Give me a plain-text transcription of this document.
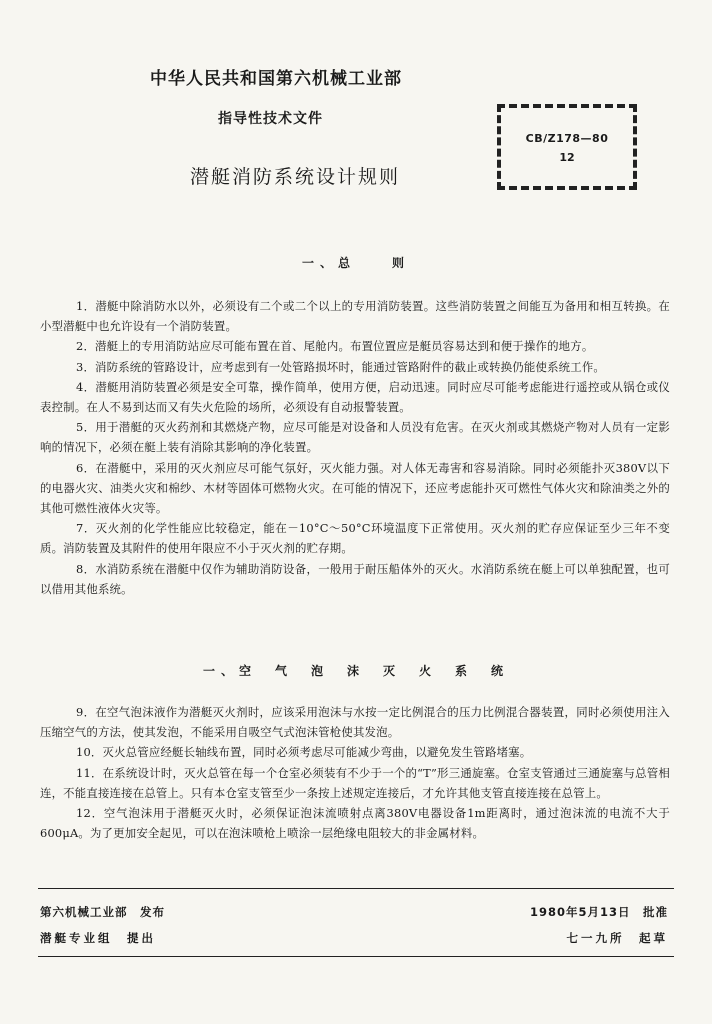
中华人民共和国第六机械工业部
指导性技术文件
潜艇消防系统设计规则
CB/Z178—80
12
一、总　　则

1．潜艇中除消防水以外，必须设有二个或二个以上的专用消防装置。这些消防装置之间能互为备用和相互转换。在小型潜艇中也允许设有一个消防装置。

2．潜艇上的专用消防站应尽可能布置在首、尾舱内。布置位置应是艇员容易达到和便于操作的地方。

3．消防系统的管路设计，应考虑到有一处管路损坏时，能通过管路附件的截止或转换仍能使系统工作。

4．潜艇用消防装置必须是安全可靠，操作简单，使用方便，启动迅速。同时应尽可能考虑能进行遥控或从锅仓或仪表控制。在人不易到达而又有失火危险的场所，必须设有自动报警装置。

5．用于潜艇的灭火药剂和其燃烧产物，应尽可能是对设备和人员没有危害。在灭火剂或其燃烧产物对人员有一定影响的情况下，必须在艇上装有消除其影响的净化装置。

6．在潜艇中，采用的灭火剂应尽可能气氛好，灭火能力强。对人体无毒害和容易消除。同时必须能扑灭380V以下的电器火灾、油类火灾和棉纱、木材等固体可燃物火灾。在可能的情况下，还应考虑能扑灭可燃性气体火灾和除油类之外的其他可燃性液体火灾等。

7．灭火剂的化学性能应比较稳定，能在－10°C～50°C环境温度下正常使用。灭火剂的贮存应保证至少三年不变质。消防装置及其附件的使用年限应不小于灭火剂的贮存期。

8．水消防系统在潜艇中仅作为辅助消防设备，一般用于耐压船体外的灭火。水消防系统在艇上可以单独配置，也可以借用其他系统。

一、空　气　泡　沫　灭　火　系　统

9．在空气泡沫液作为潜艇灭火剂时，应该采用泡沫与水按一定比例混合的压力比例混合器装置，同时必须使用注入压缩空气的方法，使其发泡，不能采用自吸空气式泡沫管枪使其发泡。

10．灭火总管应经艇长轴线布置，同时必须考虑尽可能减少弯曲，以避免发生管路堵塞。

11．在系统设计时，灭火总管在每一个仓室必须装有不少于一个的“T”形三通旋塞。仓室支管通过三通旋塞与总管相连，不能直接连接在总管上。只有本仓室支管至少一条按上述规定连接后，才允许其他支管直接连接在总管上。

12．空气泡沫用于潜艇灭火时，必须保证泡沫流喷射点离380V电器设备1m距离时，通过泡沫流的电流不大于600μA。为了更加安全起见，可以在泡沫喷枪上喷涂一层绝缘电阻较大的非金属材料。

第六机械工业部　发布	1980年5月13日　批准
潜艇专业组　提出	七一九所　起草
